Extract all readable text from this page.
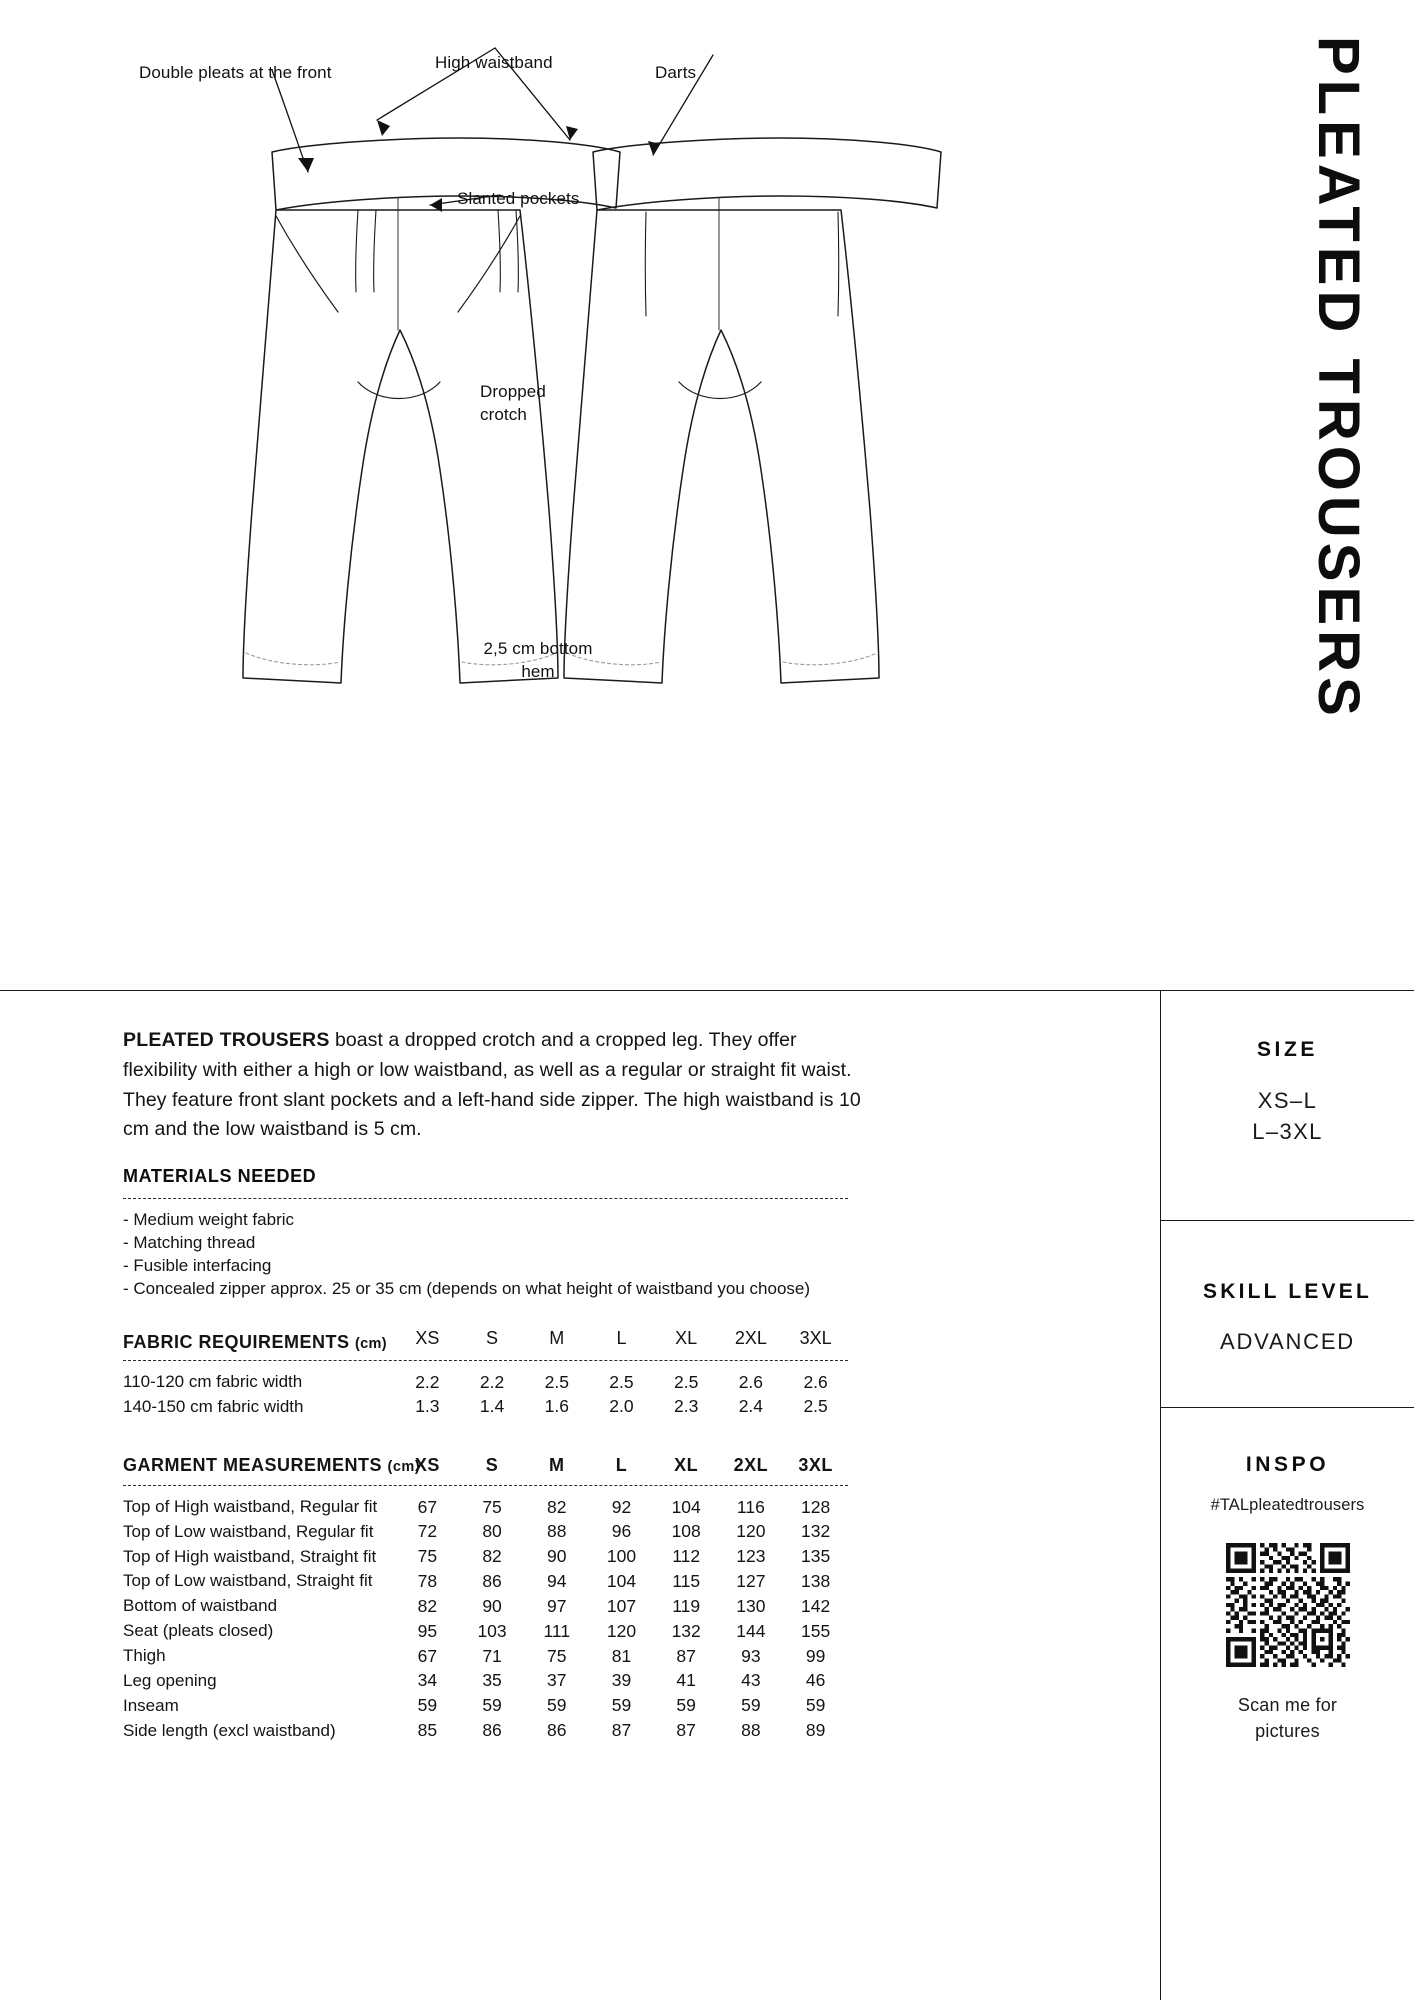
Double pleats at the front
High waistband
Darts
Slanted pockets
Dropped crotch
2,5 cm bottom hem	PLEATED TROUSERS

PLEATED TROUSERS boast a dropped crotch and a cropped leg. They offer flexibility with either a high or low waistband, as well as a regular or straight fit waist. They feature front slant pockets and a left-hand side zipper. The high waistband is 10 cm and the low waistband is 5 cm.

MATERIALS NEEDED
- Medium weight fabric
- Matching thread
- Fusible interfacing
- Concealed zipper approx. 25 or 35 cm (depends on what height of waistband you choose)
FABRIC REQUIREMENTS (cm)	XS	S	M	L	XL	2XL	3XL

110-120 cm fabric width	2.2	2.2	2.5	2.5	2.5	2.6	2.6
140-150 cm fabric width	1.3	1.4	1.6	2.0	2.3	2.4	2.5
GARMENT MEASUREMENTS (cm)	XS	S	M	L	XL	2XL	3XL

Top of High waistband, Regular fit	67	75	82	92	104	116	128
Top of Low waistband, Regular fit	72	80	88	96	108	120	132
Top of High waistband, Straight fit	75	82	90	100	112	123	135
Top of Low waistband, Straight fit	78	86	94	104	115	127	138
Bottom of waistband	82	90	97	107	119	130	142
Seat (pleats closed)	95	103	111	120	132	144	155
Thigh	67	71	75	81	87	93	99
Leg opening	34	35	37	39	41	43	46
Inseam	59	59	59	59	59	59	59
Side length (excl waistband)	85	86	86	87	87	88	89
SIZE
XS–L
L–3XL
SKILL LEVEL
ADVANCED
INSPO
#TALpleatedtrousers
Scan me for
pictures
